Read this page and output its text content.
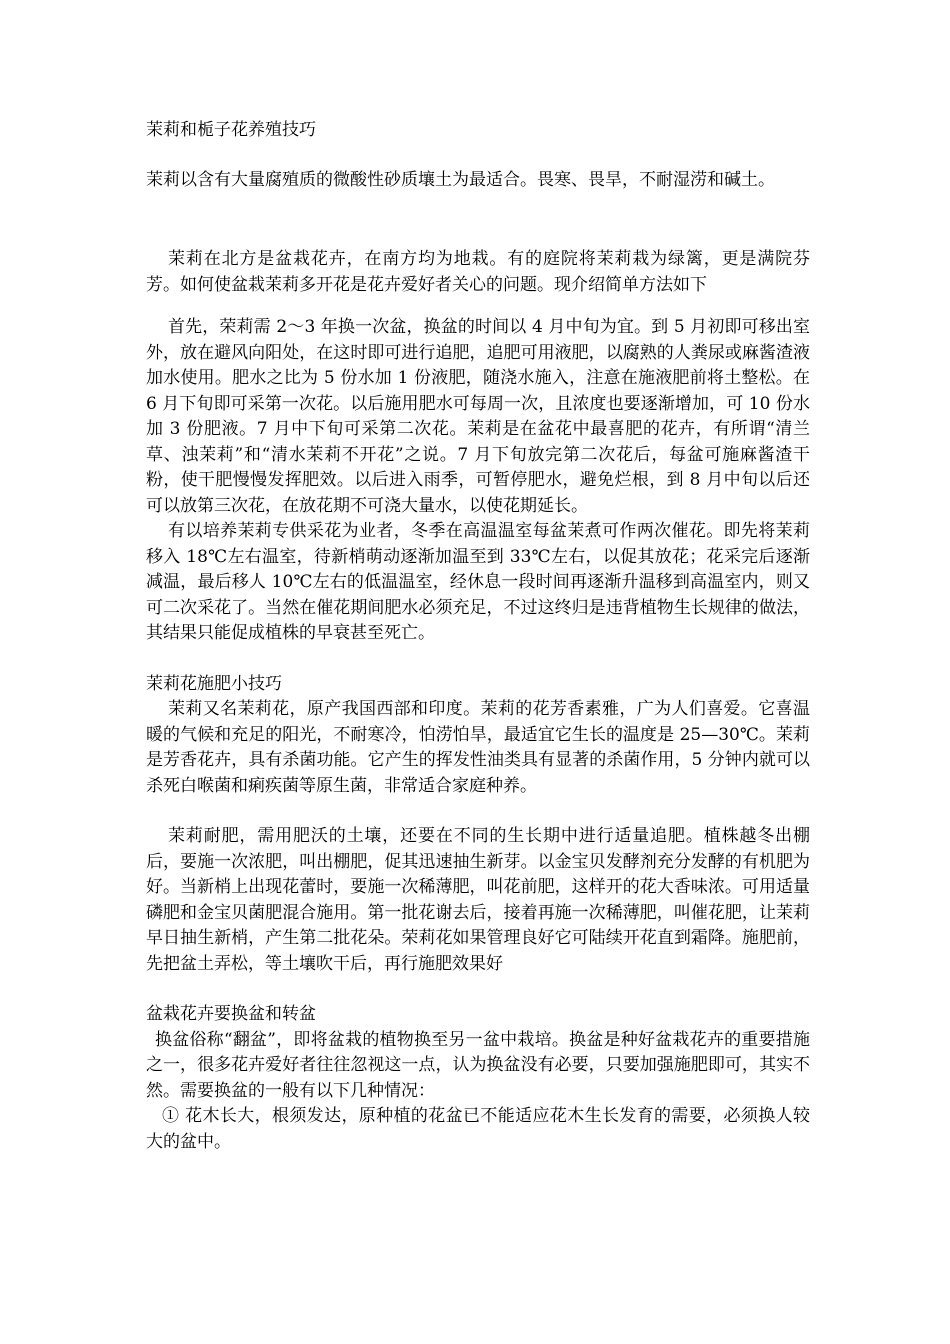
茉莉和栀子花养殖技巧

茉莉以含有大量腐殖质的微酸性砂质壤土为最适合。畏寒、畏旱，不耐湿涝和碱土。

茉莉在北方是盆栽花卉，在南方均为地栽。有的庭院将茉莉栽为绿篱，更是满院芬芳。如何使盆栽茉莉多开花是花卉爱好者关心的问题。现介绍简单方法如下

首先，荣莉需 2～3 年换一次盆，换盆的时间以 4 月中旬为宜。到 5 月初即可移出室外，放在避风向阳处，在这时即可进行追肥，追肥可用液肥，以腐熟的人粪尿或麻酱渣液加水使用。肥水之比为 5 份水加 1 份液肥，随浇水施入，注意在施液肥前将土整松。在 6 月下旬即可采第一次花。以后施用肥水可每周一次，且浓度也要逐渐增加，可 10 份水加 3 份肥液。7 月中下旬可采第二次花。茉莉是在盆花中最喜肥的花卉，有所谓“清兰草、浊茉莉”和“清水茉莉不开花”之说。7 月下旬放完第二次花后，每盆可施麻酱渣干粉，使干肥慢慢发挥肥效。以后进入雨季，可暂停肥水，避免烂根，到 8 月中旬以后还可以放第三次花，在放花期不可浇大量水，以使花期延长。

有以培养茉莉专供采花为业者，冬季在高温温室每盆茉煮可作两次催花。即先将茉莉移入 18℃左右温室，待新梢萌动逐渐加温至到 33℃左右，以促其放花；花采完后逐渐减温，最后移人 10℃左右的低温温室，经休息一段时间再逐渐升温移到高温室内，则又可二次采花了。当然在催花期间肥水必须充足，不过这终归是违背植物生长规律的做法，其结果只能促成植株的早衰甚至死亡。

茉莉花施肥小技巧

茉莉又名茉莉花，原产我国西部和印度。茉莉的花芳香素雅，广为人们喜爱。它喜温暖的气候和充足的阳光，不耐寒冷，怕涝怕旱，最适宜它生长的温度是 25—30℃。茉莉是芳香花卉，具有杀菌功能。它产生的挥发性油类具有显著的杀菌作用，5 分钟内就可以杀死白喉菌和痢疾菌等原生菌，非常适合家庭种养。

茉莉耐肥，需用肥沃的土壤，还要在不同的生长期中进行适量追肥。植株越冬出棚后，要施一次浓肥，叫出棚肥，促其迅速抽生新芽。以金宝贝发酵剂充分发酵的有机肥为好。当新梢上出现花蕾时，要施一次稀薄肥，叫花前肥，这样开的花大香味浓。可用适量磷肥和金宝贝菌肥混合施用。第一批花谢去后，接着再施一次稀薄肥，叫催花肥，让茉莉早日抽生新梢，产生第二批花朵。荣莉花如果管理良好它可陆续开花直到霜降。施肥前，先把盆土弄松，等土壤吹干后，再行施肥效果好

盆栽花卉要换盆和转盆

换盆俗称“翻盆”，即将盆栽的植物换至另一盆中栽培。换盆是种好盆栽花卉的重要措施之一，很多花卉爱好者往往忽视这一点，认为换盆没有必要，只要加强施肥即可，其实不然。需要换盆的一般有以下几种情况：

① 花木长大，根须发达，原种植的花盆已不能适应花木生长发育的需要，必须换人较大的盆中。
